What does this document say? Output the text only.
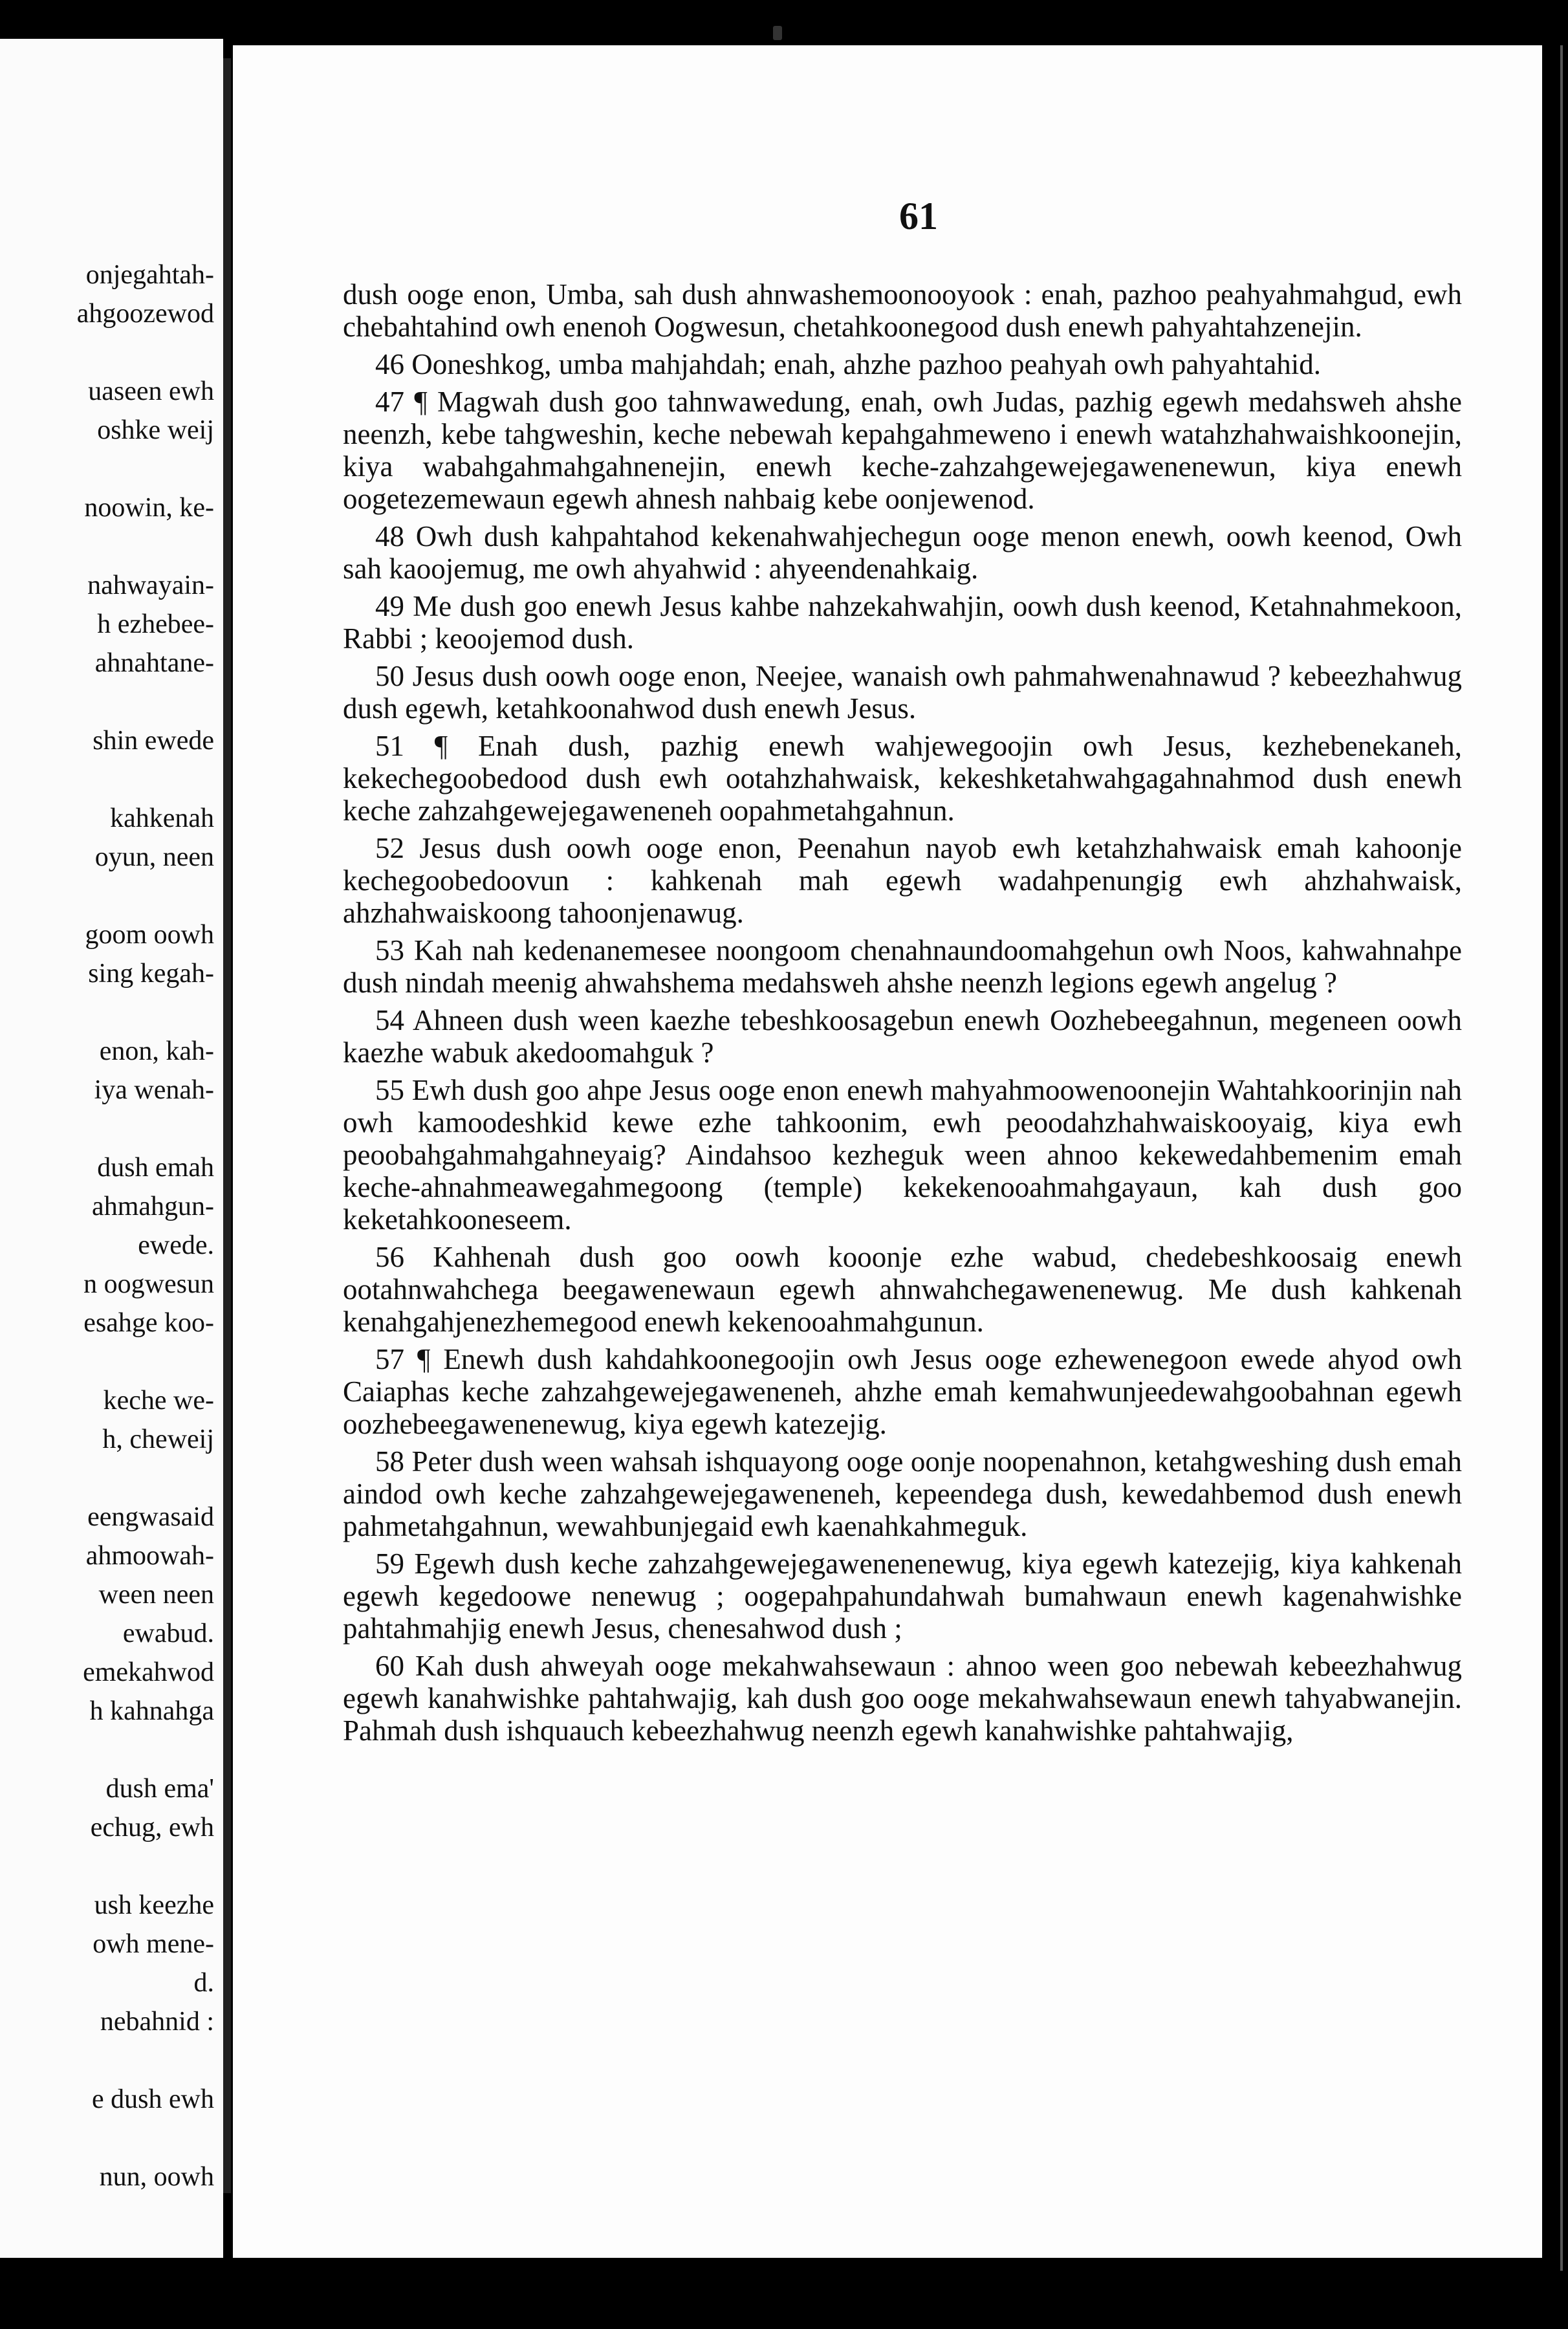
onjegahtah-
ahgoozewod
uaseen ewh
oshke weij
noowin, ke-
nahwayain-
h ezhebee-
ahnahtane-
shin ewede
kahkenah
oyun, neen
goom oowh
sing kegah-
enon, kah-
iya wenah-
dush emah
ahmahgun-
ewede.
n oogwesun
esahge koo-
keche we-
h, cheweij
eengwasaid
ahmoowah-
ween neen
ewabud.
emekahwod
h kahnahga
dush ema'
echug, ewh
ush keezhe
owh mene-
d.
nebahnid :
e dush ewh
nun, oowh
61

dush ooge enon, Umba, sah dush ahnwashemoonooyook : enah, pazhoo peahyahmahgud, ewh chebahtahind owh enenoh Oogwesun, chetahkoonegood dush enewh pahyahtahzenejin.

46 Ooneshkog, umba mahjahdah; enah, ahzhe pazhoo peahyah owh pahyahtahid.

47 ¶ Magwah dush goo tahnwawedung, enah, owh Judas, pazhig egewh medahsweh ahshe neenzh, kebe tahgweshin, keche nebewah kepahgahmeweno i enewh watahzhahwaishkoonejin, kiya wabahgahmahgahnenejin, enewh keche-zahzahgewejegawenenewun, kiya enewh oogetezemewaun egewh ahnesh nahbaig kebe oonjewenod.

48 Owh dush kahpahtahod kekenahwahjechegun ooge menon enewh, oowh keenod, Owh sah kaoojemug, me owh ahyahwid : ahyeendenahkaig.

49 Me dush goo enewh Jesus kahbe nahzekahwahjin, oowh dush keenod, Ketahnahmekoon, Rabbi ; keoojemod dush.

50 Jesus dush oowh ooge enon, Neejee, wanaish owh pahmahwenahnawud ? kebeezhahwug dush egewh, ketahkoonahwod dush enewh Jesus.

51 ¶ Enah dush, pazhig enewh wahjewegoojin owh Jesus, kezhebenekaneh, kekechegoobedood dush ewh ootahzhahwaisk, kekeshketahwahgagahnahmod dush enewh keche zahzahgewejegaweneneh oopahmetahgahnun.

52 Jesus dush oowh ooge enon, Peenahun nayob ewh ketahzhahwaisk emah kahoonje kechegoobedoovun : kahkenah mah egewh wadahpenungig ewh ahzhahwaisk, ahzhahwaiskoong tahoonjenawug.

53 Kah nah kedenanemesee noongoom chenahnaundoomahgehun owh Noos, kahwahnahpe dush nindah meenig ahwahshema medahsweh ahshe neenzh legions egewh angelug ?

54 Ahneen dush ween kaezhe tebeshkoosagebun enewh Oozhebeegahnun, megeneen oowh kaezhe wabuk akedoomahguk ?

55 Ewh dush goo ahpe Jesus ooge enon enewh mahyahmoowenoonejin Wahtahkoorinjin nah owh kamoodeshkid kewe ezhe tahkoonim, ewh peoodahzhahwaiskooyaig, kiya ewh peoobahgahmahgahneyaig? Aindahsoo kezheguk ween ahnoo kekewedahbemenim emah keche-ahnahmeawegahmegoong (temple) kekekenooahmahgayaun, kah dush goo keketahkooneseem.

56 Kahhenah dush goo oowh kooonje ezhe wabud, chedebeshkoosaig enewh ootahnwahchega beegawenewaun egewh ahnwahchegawenenewug. Me dush kahkenah kenahgahjenezhemegood enewh kekenooahmahgunun.

57 ¶ Enewh dush kahdahkoonegoojin owh Jesus ooge ezhewenegoon ewede ahyod owh Caiaphas keche zahzahgewejegaweneneh, ahzhe emah kemahwunjeedewahgoobahnan egewh oozhebeegawenenewug, kiya egewh katezejig.

58 Peter dush ween wahsah ishquayong ooge oonje noopenahnon, ketahgweshing dush emah aindod owh keche zahzahgewejegaweneneh, kepeendega dush, kewedahbemod dush enewh pahmetahgahnun, wewahbunjegaid ewh kaenahkahmeguk.

59 Egewh dush keche zahzahgewejegawenenenewug, kiya egewh katezejig, kiya kahkenah egewh kegedoowe nenewug ; oogepahpahundahwah bumahwaun enewh kagenahwishke pahtahmahjig enewh Jesus, chenesahwod dush ;

60 Kah dush ahweyah ooge mekahwahsewaun : ahnoo ween goo nebewah kebeezhahwug egewh kanahwishke pahtahwajig, kah dush goo ooge mekahwahsewaun enewh tahyabwanejin. Pahmah dush ishquauch kebeezhahwug neenzh egewh kanahwishke pahtahwajig,
